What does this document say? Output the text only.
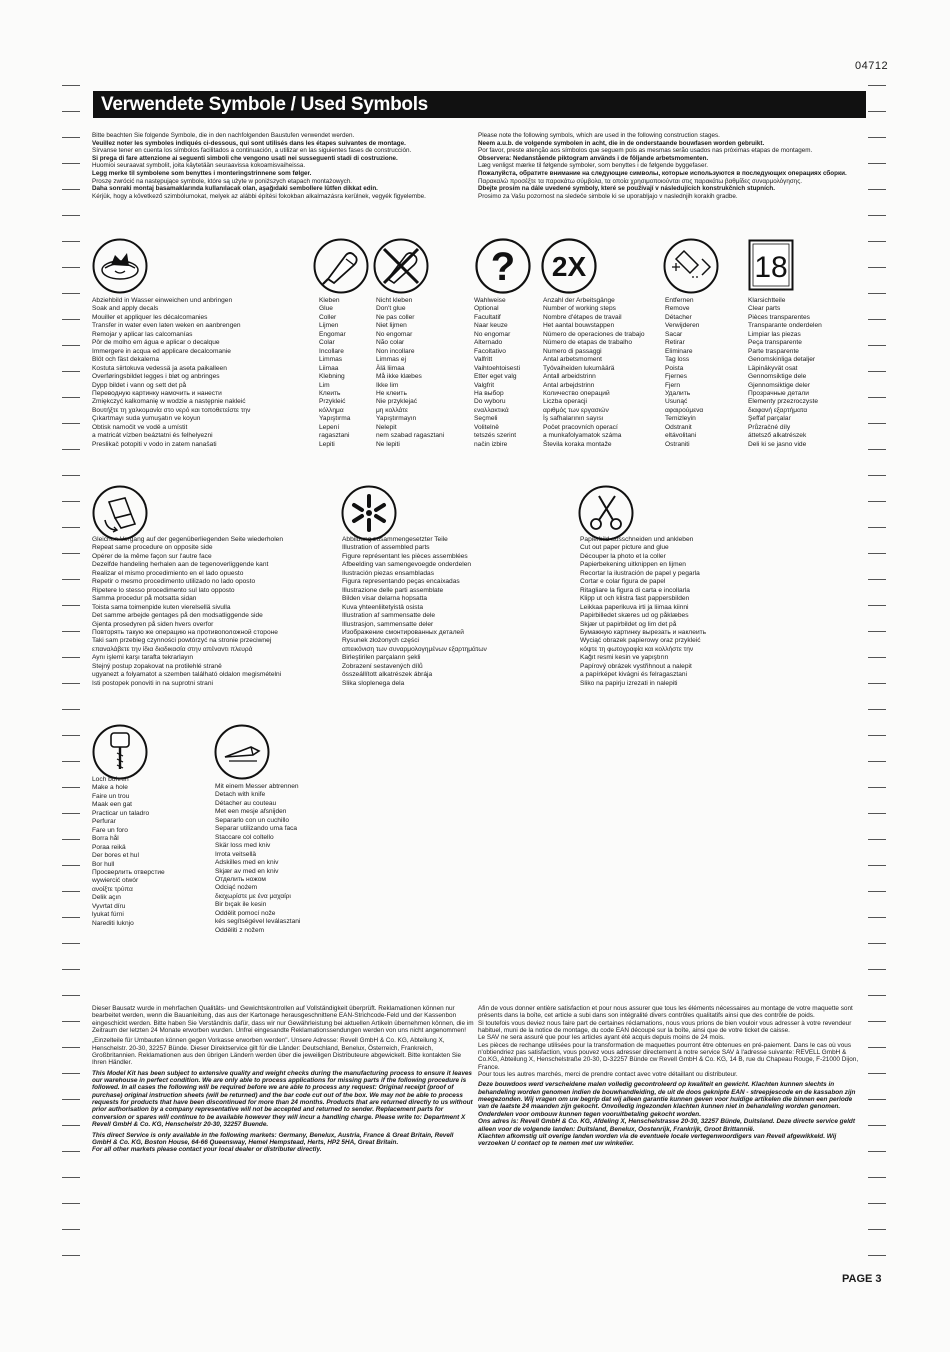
04712
Verwendete Symbole / Used Symbols
Bitte beachten Sie folgende Symbole, die in den nachfolgenden Baustufen verwendet werden.
Veuillez noter les symboles indiqués ci-dessous, qui sont utilisés dans les étapes suivantes de montage.
Sírvanse tener en cuenta los símbolos facilitados a continuación, a utilizar en las siguientes fases de construcción.
Si prega di fare attenzione ai seguenti simboli che vengono usati nei susseguenti stadi di costruzione.
Huomioi seuraavat symbolit, joita käytetään seuraavissa kokoamisvaiheissa.
Legg merke til symbolene som benyttes i monteringstrinnene som følger.
Proszę zwrócić na następujące symbole, które są użyte w poniższych etapach montażowych.
Daha sonraki montaj basamaklarında kullanılacak olan, aşağıdaki sembollere lütfen dikkat edin.
Kérjük, hogy a következő szimbólumokat, melyek az alábbi építési fokokban alkalmazásra kerülnek, vegyék figyelembe.
Please note the following symbols, which are used in the following construction stages.
Neem a.u.b. de volgende symbolen in acht, die in de onderstaande bouwfasen worden gebruikt.
Por favor, preste atenção aos símbolos que seguem pois as mesmas serão usados nas próximas etapas de montagem.
Observera: Nedanstående piktogram används i de följande arbetsmomenten.
Læg venligst mærke til følgende symboler, som benyttes i de følgende byggefaser.
Пожалуйста, обратите внимание на следующие символы, которые используются в последующих операциях сборки.
Παρακαλώ προσέξτε τα παρακάτω σύμβολα, τα οποία χρησιμοποιούνται στις παρακάτω βαθμίδες συναρμολόγησης.
Dbejte prosím na dále uvedené symboly, které se používají v následujících konstrukčních stupních.
Prosimo za Vašu pozornost na sledeče simbole ki se uporabljajo v naslednjih korakih gradbe.
? 2X	18
Abziehbild in Wasser einweichen und anbringen
Soak and apply decals
Mouiller et appliquer les décalcomanies
Transfer in water even laten weken en aanbrengen
Remojar y aplicar las calcomanías
Pôr de molho em água e aplicar o decalque
Immergere in acqua ed applicare decalcomanie
Blöt och fäst dekalerna
Kostuta siirtokuva vedessä ja aseta paikalleen
Overføringsbildet legges i bløt og anbringes
Dypp bildet i vann og sett det på
Переводную картинку намочить и нанести
Zmiękczyć kalkomanię w wodzie a następnie nakleić
Βουτήξτε τη χαλκομανία στο νερό και τοποθετείστε την
Çıkartmayı suda yumuşatın ve koyun
Obtisk namočit ve vodě a umístit
a matricát vízben beáztatni és felhelyezni
Preslikač potopiti v vodo in zatem nanašati
Kleben
Glue
Coller
Lijmen
Engomar
Colar
Incollare
Limmas
Liimaa
Klebning
Lim
Клеить
Przykleić
κόλλημα
Yapıştırma
Lepení
ragasztani
Lepiti
Nicht kleben
Don't glue
Ne pas coller
Niet lijmen
No engomar
Não colar
Non incollare
Limmas ej
Älä liimaa
Må ikke klæbes
Ikke lim
Не клеить
Nie przyklejać
μη κολλάτε
Yapıştırmayın
Nelepit
nem szabad ragasztani
Ne lepiti
Wahlweise
Optional
Facultatif
Naar keuze
No engomar
Alternado
Facoltativo
Valfritt
Vaihtoehtoisesti
Etter eget valg
Valgfrit
На выбор
Do wyboru
εναλλακτικά
Seçmeli
Volitelně
tetszés szerint
način izbire
Anzahl der Arbeitsgänge
Number of working steps
Nombre d'étapes de travail
Het aantal bouwstappen
Número de operaciones de trabajo
Número de etapas de trabalho
Numero di passaggi
Antal arbetsmoment
Työvaiheiden lukumäärä
Antall arbeidstrinn
Antal arbejdstrinn
Количество операций
Liczba operacji
αριθμός των εργασιών
İş safhalarının sayısı
Počet pracovních operací
a munkafolyamatok száma
Števila koraka montaže
Entfernen
Remove
Détacher
Verwijderen
Sacar
Retirar
Eliminare
Tag loss
Poista
Fjernes
Fjern
Удалить
Usunąć
αφαιρούμενα
Temizleyin
Odstranit
eltávolitani
Ostraniti
Klarsichtteile
Clear parts
Pièces transparentes
Transparante onderdelen
Limpiar las piezas
Peça transparente
Parte trasparente
Genomskinliga detaljer
Läpinäkyvät osat
Gennomsiktige dele
Gjennomsiktige deler
Прозрачные детали
Elementy przezroczyste
διαφανή εξαρτήματα
Şeffaf parçalar
Průzračné díly
áttetsző alkatrészek
Deli ki se jasno vide
Gleichen Vorgang auf der gegenüberliegenden Seite wiederholen
Repeat same procedure on opposite side
Opérer de la même façon sur l'autre face
Dezelfde handeling herhalen aan de tegenoverliggende kant
Realizar el mismo procedimiento en el lado opuesto
Repetir o mesmo procedimento utilizado no lado oposto
Ripetere lo stesso procedimento sul lato opposto
Samma procedur på motsatta sidan
Toista sama toimenpide kuten vierelsellä sivulla
Det samme arbejde gentages på den modsatliggende side
Gjenta prosedyren på siden hvers overfor
Повторять такую же операцию на противоположной стороне
Taki sam przebieg czynności powtórzyć na stronie przeciwnej
επαναλάβετε την ίδια διαδικασία στην απέναντι πλευρά
Aynı işlemi karşı tarafta tekrarlayın
Stejný postup zopakovat na protilehlé straně
ugyanezt a folyamatot a szemben található oldalon megismételni
Isti postopek ponoviti in na suprotni strani
Abbildung zusammengesetzter Teile
Illustration of assembled parts
Figure représentant les pièces assemblées
Afbeelding van samengevoegde onderdelen
Ilustración piezas ensambladas
Figura representando peças encaixadas
Illustrazione delle parti assemblate
Bilden visar delarna hopsatta
Kuva yhteenliitetyistä osista
Illustration af sammensatte dele
Illustrasjon, sammensatte deler
Изображение смонтированных деталей
Rysunek złożonych części
απεικόνιση των συναρμολογημένων εξαρτημάτων
Birleştirilen parçaların şekli
Zobrazení sestavených dílů
összeállított alkatrészek ábrája
Slika sloplenega dela
Papierbild ausschneiden und ankleben
Cut out paper picture and glue
Découper la photo et la coller
Papierbekening uitknippen en lijmen
Recortar la ilustración de papel y pegarla
Cortar e colar figura de papel
Ritagliare la figura di carta e incollarla
Klipp ut och klistra fast pappersbilden
Leikkaa paperikuva irti ja liimaa kiinni
Papirbilledet skæres ud og påklæbes
Skjær ut papirbildet og lim det på
Бумажную картинку вырезать и наклеить
Wyciąć obrazek papierowy oraz przykleić
κόψτε τη φωτογραφία και κολλήστε την
Kağıt resmi kesin ve yapıştırın
Papírový obrázek vystřihnout a nalepit
a papírképet kivágni és felragasztani
Sliko na papirju izrezati in nalepiti
Loch bohren
Make a hole
Faire un trou
Maak een gat
Practicar un taladro
Perfurar
Fare un foro
Borra hål
Poraa reikä
Der bores et hul
Bor hull
Просверлить отверстие
wywiercić otwór
ανοίξτε τρύπα
Delik açın
Vyvrtat díru
lyukat fúrni
Narediti luknjo
Mit einem Messer abtrennen
Detach with knife
Détacher au couteau
Met een mesje afsnijden
Separarlo con un cuchillo
Separar utilizando uma faca
Staccare col coltello
Skär loss med kniv
Irrota veitsellä
Adskilles med en kniv
Skjær av med en kniv
Отделить ножом
Odciąć nożem
διαχωρίστε με ένα μαχαίρι
Bir bıçak ile kesin
Oddělit pomocí nože
kés segítségével leválasztani
Odděliti z nožem

Dieser Bausatz wurde in mehrfachen Qualitäts- und Gewichtskontrollen auf Vollständigkeit überprüft. Reklamationen können nur bearbeitet werden, wenn die Bauanleitung, das aus der Kartonage herausgeschnittene EAN-Strichcode-Feld und der Kassenbon eingeschickt werden. Bitte haben Sie Verständnis dafür, dass wir nur Gewährleistung bei aktuellen Artikeln übernehmen können, die im Zeitraum der letzten 24 Monate erworben wurden. Unfrei eingesandte Reklamationssendungen werden von uns nicht angenommen!

„Einzelteile für Umbauten können gegen Vorkasse erworben werden". Unsere Adresse: Revell GmbH & Co. KG, Abteilung X, Henschelstr. 20-30, 32257 Bünde. Dieser Direktservice gilt für die Länder: Deutschland, Benelux, Österreich, Frankreich, Großbritannien. Reklamationen aus den übrigen Ländern werden über die jeweiligen Distributeure abgewickelt. Bitte kontakten Sie Ihren Händler.

This Model Kit has been subject to extensive quality and weight checks during the manufacturing process to ensure it leaves our warehouse in perfect condition. We are only able to process applications for missing parts if the following procedure is followed. In all cases the following will be required before we are able to process any request: Original receipt (proof of purchase) original instruction sheets (will be returned) and the bar code cut out of the box. We may not be able to process requests for products that have been discontinued for more than 24 months. Products that are returned directly to us without prior authorisation by a company representative will not be accepted and returned to sender. Replacement parts for conversion or spares will continue to be available however they will incur a handling charge. Please write to: Department X Revell GmbH & Co. KG, Henschelstr 20-30, 32257 Buende.

This direct Service is only available in the following markets: Germany, Benelux, Austria, France & Great Britain, Revell GmbH & Co. KG, Boston House, 64-66 Queensway, Hemel Hempstead, Herts, HP2 5HA, Great Britain.

For all other markets please contact your local dealer or distributer directly.

Afin de vous donner entière satisfaction et pour nous assurer que tous les éléments nécessaires au montage de votre maquette sont présents dans la boîte, cet article a subi dans son intégralité divers contrôles qualitatifs ainsi que des contrôle de poids.

Si toutefois vous deviez nous faire part de certaines réclamations, nous vous prions de bien vouloir vous adresser à votre revendeur habituel, muni de la notice de montage, du code EAN découpé sur la boîte, ainsi que de votre ticket de caisse.

Le SAV ne sera assuré que pour les articles ayant été acquis depuis moins de 24 mois.

Les pièces de rechange utilisées pour la transformation de maquettes pourront être obtenues en pré-paiement. Dans le cas où vous n'obtiendriez pas satisfaction, vous pouvez vous adresser directement à notre service SAV à l'adresse suivante: REVELL GmbH & Co.KG, Abteilung X, Henschelstraße 20-30, D-32257 Bünde cw Revell GmbH & Co. KG, 14 B, rue du Chapeau Rouge, F-21000 Dijon, France.

Pour tous les autres marchés, merci de prendre contact avec votre détaillant ou distributeur.

Deze bouwdoos werd verscheidene malen volledig gecontroleerd op kwaliteit en gewicht. Klachten kunnen slechts in behandeling worden genomen indien de bouwhandleiding, de uit de doos geknipte EAN - streepjescode en de kassabon zijn meegezonden. Wij vragen om uw begrip dat wij alleen garantie kunnen geven voor huidige artikelen die binnen een periode van de laatste 24 maanden zijn gekocht. Onvolledig ingezonden klachten kunnen niet in behandeling worden genomen. Onderdelen voor ombouw kunnen tegen vooruitbetaling gekocht worden.

Ons adres is: Revell GmbH & Co. KG, Afdeling X, Henschelstrasse 20-30, 32257 Bünde, Duitsland. Deze directe service geldt alleen voor de volgende landen: Duitsland, Benelux, Oostenrijk, Frankrijk, Groot Brittannië.

Klachten afkomstig uit overige landen worden via de eventuele locale vertegenwoordigers van Revell afgewikkeld. Wij verzoeken U contact op te nemen met uw winkelier.

PAGE 3
